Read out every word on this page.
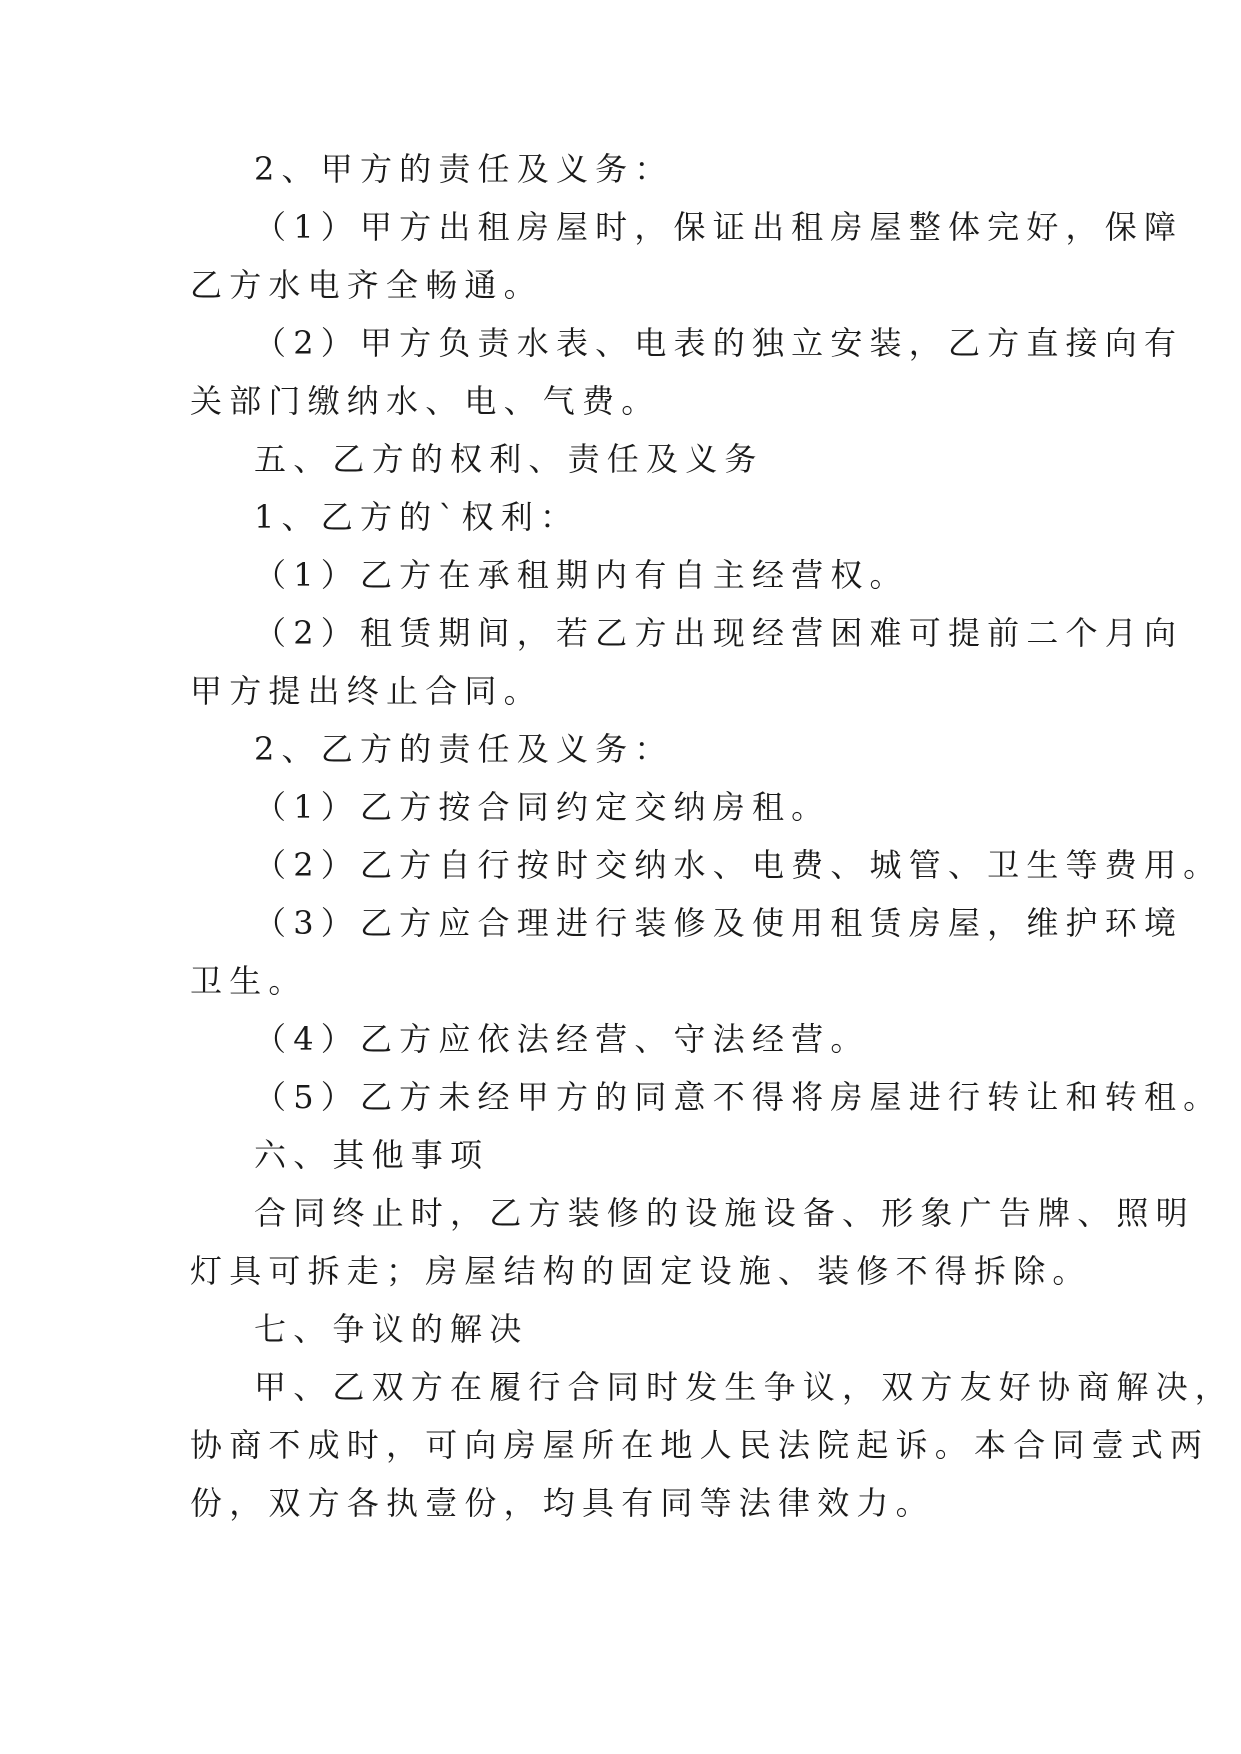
2、甲方的责任及义务：
（1）甲方出租房屋时，保证出租房屋整体完好，保障
乙方水电齐全畅通。
（2）甲方负责水表、电表的独立安装，乙方直接向有
关部门缴纳水、电、气费。
五、乙方的权利、责任及义务
1、乙方的`权利：
（1）乙方在承租期内有自主经营权。
（2）租赁期间，若乙方出现经营困难可提前二个月向
甲方提出终止合同。
2、乙方的责任及义务：
（1）乙方按合同约定交纳房租。
（2）乙方自行按时交纳水、电费、城管、卫生等费用。
（3）乙方应合理进行装修及使用租赁房屋，维护环境
卫生。
（4）乙方应依法经营、守法经营。
（5）乙方未经甲方的同意不得将房屋进行转让和转租。
六、其他事项
合同终止时，乙方装修的设施设备、形象广告牌、照明
灯具可拆走；房屋结构的固定设施、装修不得拆除。
七、争议的解决
甲、乙双方在履行合同时发生争议，双方友好协商解决，
协商不成时，可向房屋所在地人民法院起诉。本合同壹式两
份，双方各执壹份，均具有同等法律效力。
